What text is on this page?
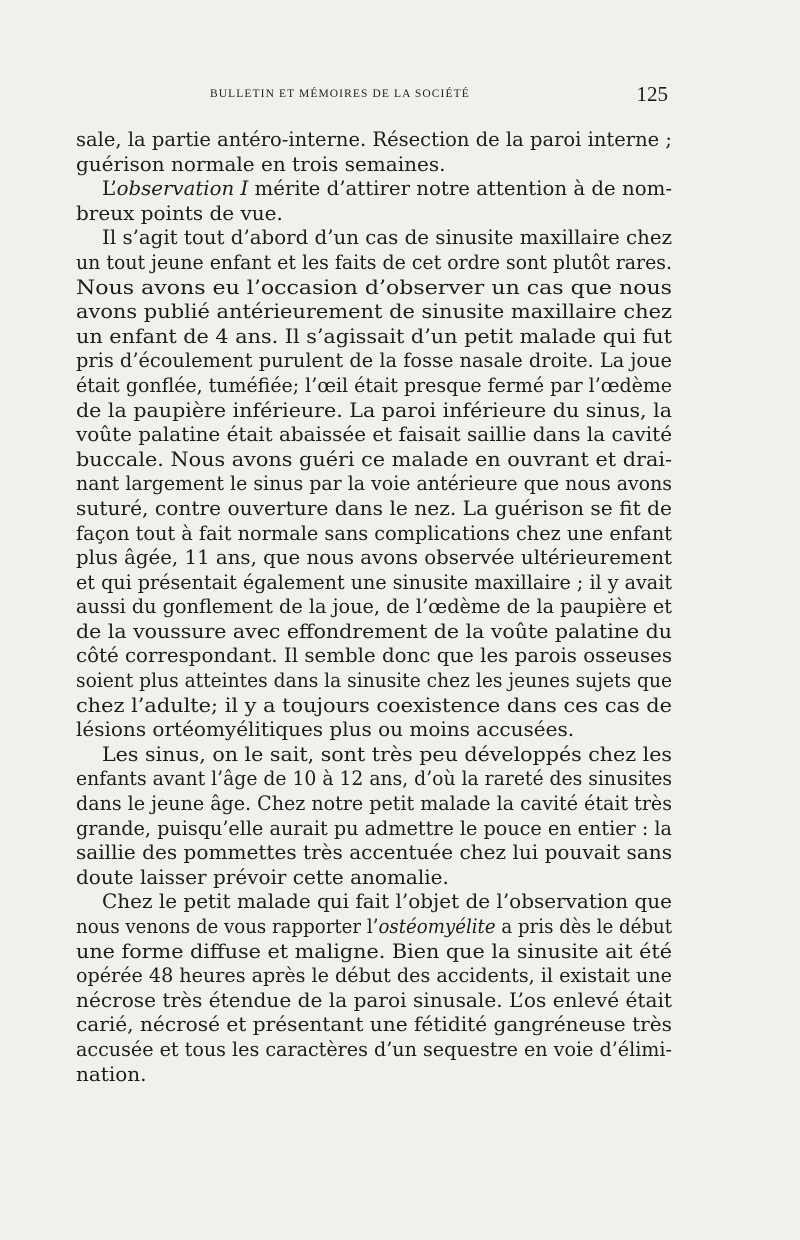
BULLETIN ET MÉMOIRES DE LA SOCIÉTÉ	125
sale, la partie antéro-interne. Résection de la paroi interne ;
guérison normale en trois semaines.
L’observation I mérite d’attirer notre attention à de nom-
breux points de vue.
Il s’agit tout d’abord d’un cas de sinusite maxillaire chez
un tout jeune enfant et les faits de cet ordre sont plutôt rares.
Nous avons eu l’occasion d’observer un cas que nous
avons publié antérieurement de sinusite maxillaire chez
un enfant de 4 ans. Il s’agissait d’un petit malade qui fut
pris d’écoulement purulent de la fosse nasale droite. La joue
était gonflée, tuméfiée; l’œil était presque fermé par l’œdème
de la paupière inférieure. La paroi inférieure du sinus, la
voûte palatine était abaissée et faisait saillie dans la cavité
buccale. Nous avons guéri ce malade en ouvrant et drai-
nant largement le sinus par la voie antérieure que nous avons
suturé, contre ouverture dans le nez. La guérison se fit de
façon tout à fait normale sans complications chez une enfant
plus âgée, 11 ans, que nous avons observée ultérieurement
et qui présentait également une sinusite maxillaire ; il y avait
aussi du gonflement de la joue, de l’œdème de la paupière et
de la voussure avec effondrement de la voûte palatine du
côté correspondant. Il semble donc que les parois osseuses
soient plus atteintes dans la sinusite chez les jeunes sujets que
chez l’adulte; il y a toujours coexistence dans ces cas de
lésions ortéomyélitiques plus ou moins accusées.
Les sinus, on le sait, sont très peu développés chez les
enfants avant l’âge de 10 à 12 ans, d’où la rareté des sinusites
dans le jeune âge. Chez notre petit malade la cavité était très
grande, puisqu’elle aurait pu admettre le pouce en entier : la
saillie des pommettes très accentuée chez lui pouvait sans
doute laisser prévoir cette anomalie.
Chez le petit malade qui fait l’objet de l’observation que
nous venons de vous rapporter l’ostéomyélite a pris dès le début
une forme diffuse et maligne. Bien que la sinusite ait été
opérée 48 heures après le début des accidents, il existait une
nécrose très étendue de la paroi sinusale. L’os enlevé était
carié, nécrosé et présentant une fétidité gangréneuse très
accusée et tous les caractères d’un sequestre en voie d’élimi-
nation.
